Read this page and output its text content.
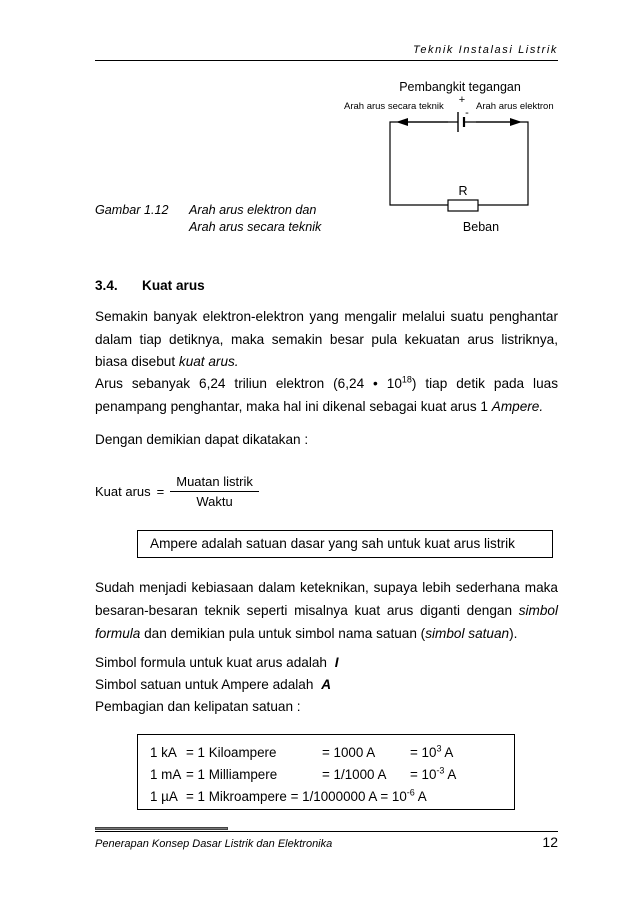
Teknik Instalasi Listrik
Pembangkit tegangan
+
-
Arah arus secara teknik	Arah arus elektron
R
Beban
Gambar 1.12 Arah arus elektron dan
Arah arus secara teknik
3.4. Kuat arus
Semakin banyak elektron-elektron yang mengalir melalui suatu penghantar dalam tiap detiknya, maka semakin besar pula kekuatan arus listriknya, biasa disebut kuat arus.
Arus sebanyak 6,24 triliun elektron (6,24 • $10^{18}$) tiap detik pada luas penampang penghantar, maka hal ini dikenal sebagai kuat arus 1 Ampere.
Dengan demikian dapat dikatakan :
Kuat arus =
Muatan listrik
Waktu
Ampere adalah satuan dasar yang sah untuk kuat arus listrik
Sudah menjadi kebiasaan dalam keteknikan, supaya lebih sederhana maka besaran-besaran teknik seperti misalnya kuat arus diganti dengan simbol formula dan demikian pula untuk simbol nama satuan (simbol satuan).
Simbol formula untuk kuat arus adalah I
Simbol satuan untuk Ampere adalah A
Pembagian dan kelipatan satuan :
1 kA = 1 Kiloampere	= 1000 A	= $10^3$ A
1 mA = 1 Milliampere	= 1/1000 $A = 10^{-3}$ A
1 µA = 1 Mikroampere = 1/1000000 $A = 10^{-6}$ A
Penerapan Konsep Dasar Listrik dan Elektronika	12
